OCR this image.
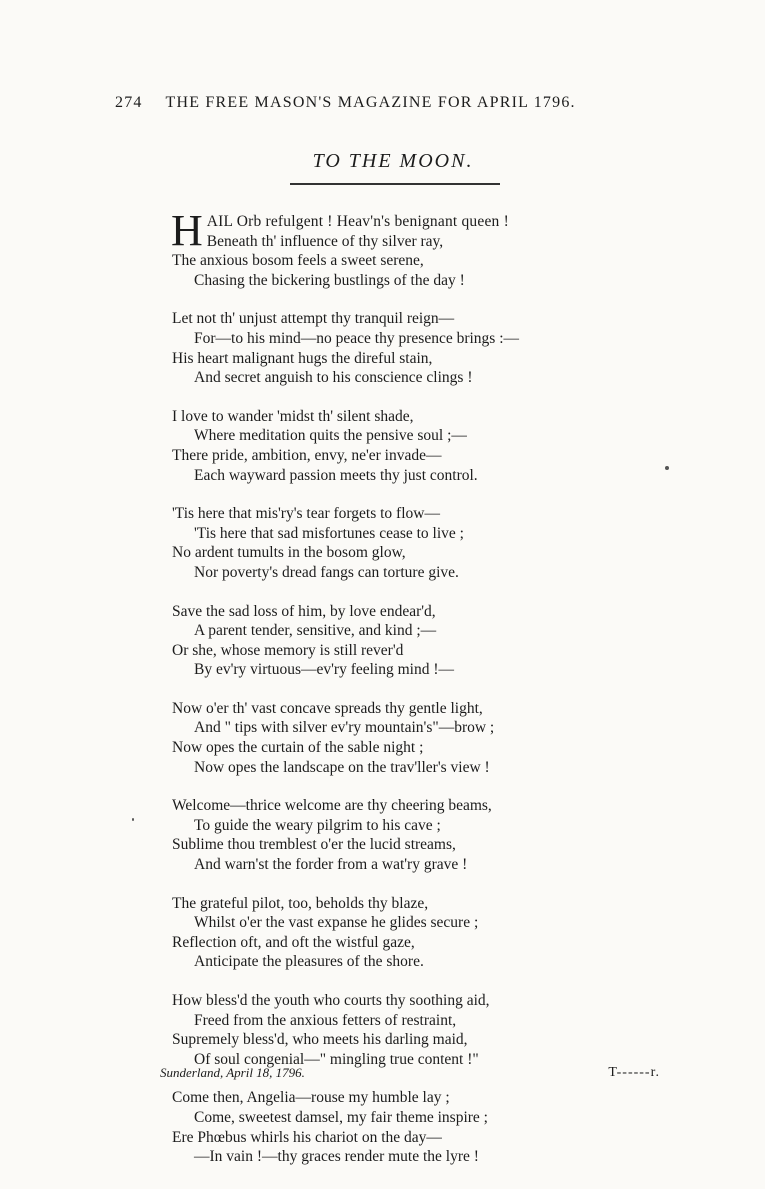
274 THE FREE MASON'S MAGAZINE FOR APRIL 1796.
TO THE MOON.
H AIL Orb refulgent ! Heav'n's benignant queen !
Beneath th' influence of thy silver ray,
The anxious bosom feels a sweet serene,
Chasing the bickering bustlings of the day !
Let not th' unjust attempt thy tranquil reign—
For—to his mind—no peace thy presence brings :—
His heart malignant hugs the direful stain,
And secret anguish to his conscience clings !
I love to wander 'midst th' silent shade,
Where meditation quits the pensive soul ;—
There pride, ambition, envy, ne'er invade—
Each wayward passion meets thy just control.
'Tis here that mis'ry's tear forgets to flow—
'Tis here that sad misfortunes cease to live ;
No ardent tumults in the bosom glow,
Nor poverty's dread fangs can torture give.
Save the sad loss of him, by love endear'd,
A parent tender, sensitive, and kind ;—
Or she, whose memory is still rever'd
By ev'ry virtuous—ev'ry feeling mind !—
Now o'er th' vast concave spreads thy gentle light,
And " tips with silver ev'ry mountain's"—brow ;
Now opes the curtain of the sable night ;
Now opes the landscape on the trav'ller's view !
Welcome—thrice welcome are thy cheering beams,
To guide the weary pilgrim to his cave ;
Sublime thou tremblest o'er the lucid streams,
And warn'st the forder from a wat'ry grave !
The grateful pilot, too, beholds thy blaze,
Whilst o'er the vast expanse he glides secure ;
Reflection oft, and oft the wistful gaze,
Anticipate the pleasures of the shore.
How bless'd the youth who courts thy soothing aid,
Freed from the anxious fetters of restraint,
Supremely bless'd, who meets his darling maid,
Of soul congenial—" mingling true content !"
Come then, Angelia—rouse my humble lay ;
Come, sweetest damsel, my fair theme inspire ;
Ere Phœbus whirls his chariot on the day—
—In vain !—thy graces render mute the lyre !
Sunderland, April 18, 1796.	T------r.
